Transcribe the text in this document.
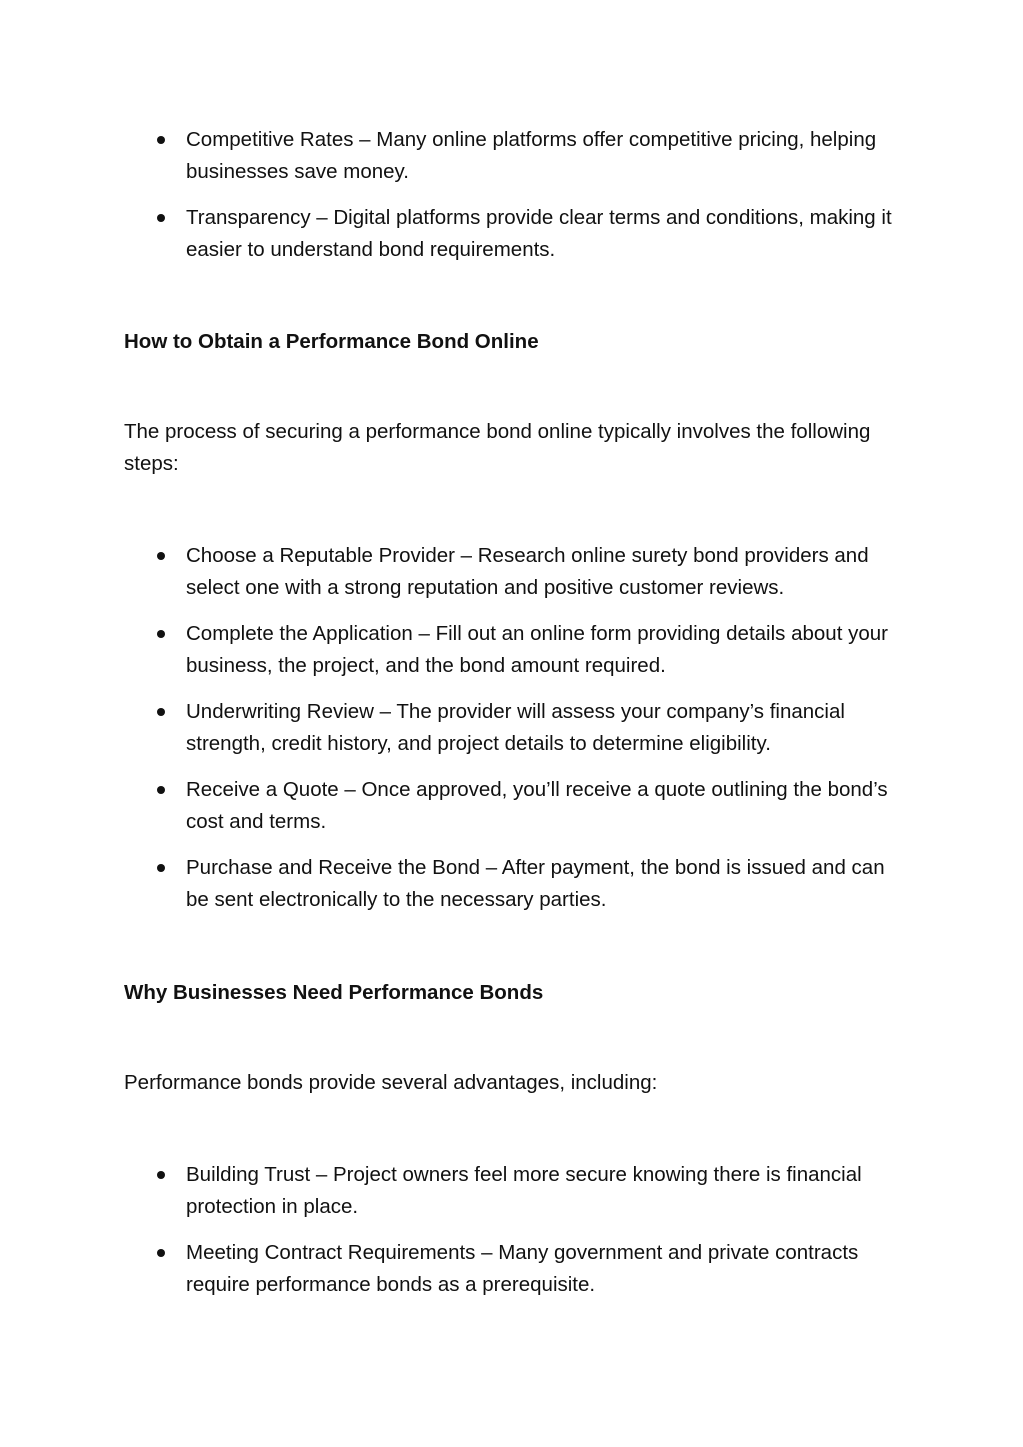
Competitive Rates – Many online platforms offer competitive pricing, helping businesses save money.
Transparency – Digital platforms provide clear terms and conditions, making it easier to understand bond requirements.
How to Obtain a Performance Bond Online

The process of securing a performance bond online typically involves the following steps:

Choose a Reputable Provider – Research online surety bond providers and select one with a strong reputation and positive customer reviews.
Complete the Application – Fill out an online form providing details about your business, the project, and the bond amount required.
Underwriting Review – The provider will assess your company’s financial strength, credit history, and project details to determine eligibility.
Receive a Quote – Once approved, you’ll receive a quote outlining the bond’s cost and terms.
Purchase and Receive the Bond – After payment, the bond is issued and can be sent electronically to the necessary parties.
Why Businesses Need Performance Bonds

Performance bonds provide several advantages, including:

Building Trust – Project owners feel more secure knowing there is financial protection in place.
Meeting Contract Requirements – Many government and private contracts require performance bonds as a prerequisite.
